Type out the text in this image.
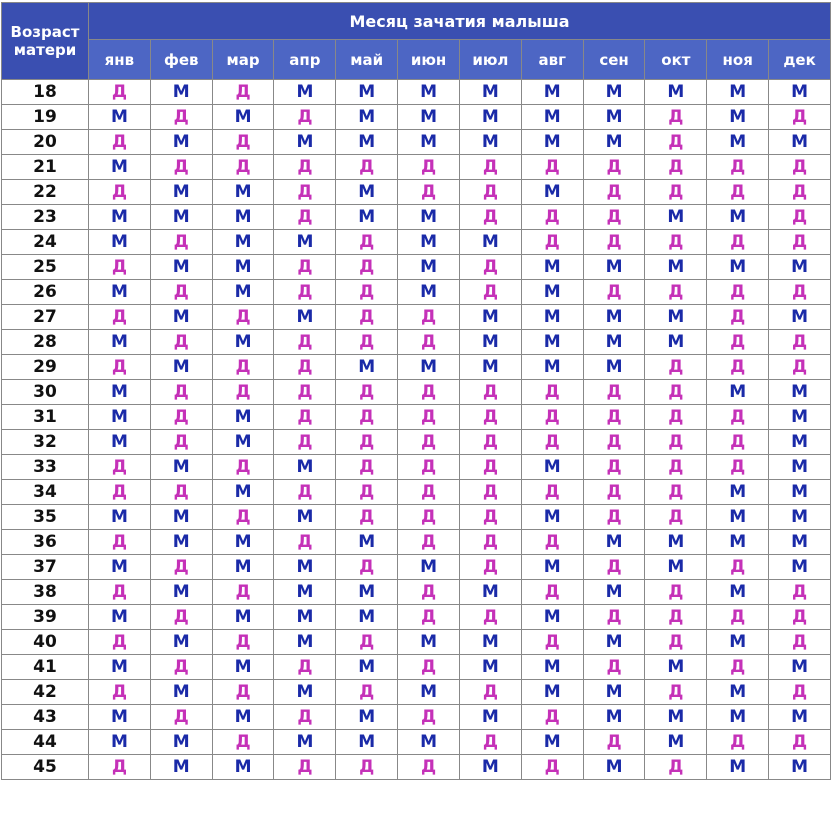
Возраст матери	Месяц зачатия малыша											
	янв	фев	мар	апр	май	июн	июл	авг	сен	окт	ноя	дек
18	Д	М	Д	М	М	М	М	М	М	М	М	М
19	М	Д	М	Д	М	М	М	М	М	Д	М	Д
20	Д	М	Д	М	М	М	М	М	М	Д	М	М
21	М	Д	Д	Д	Д	Д	Д	Д	Д	Д	Д	Д
22	Д	М	М	Д	М	Д	Д	М	Д	Д	Д	Д
23	М	М	М	Д	М	М	Д	Д	Д	М	М	Д
24	М	Д	М	М	Д	М	М	Д	Д	Д	Д	Д
25	Д	М	М	Д	Д	М	Д	М	М	М	М	М
26	М	Д	М	Д	Д	М	Д	М	Д	Д	Д	Д
27	Д	М	Д	М	Д	Д	М	М	М	М	Д	М
28	М	Д	М	Д	Д	Д	М	М	М	М	Д	Д
29	Д	М	Д	Д	М	М	М	М	М	Д	Д	Д
30	М	Д	Д	Д	Д	Д	Д	Д	Д	Д	М	М
31	М	Д	М	Д	Д	Д	Д	Д	Д	Д	Д	М
32	М	Д	М	Д	Д	Д	Д	Д	Д	Д	Д	М
33	Д	М	Д	М	Д	Д	Д	М	Д	Д	Д	М
34	Д	Д	М	Д	Д	Д	Д	Д	Д	Д	М	М
35	М	М	Д	М	Д	Д	Д	М	Д	Д	М	М
36	Д	М	М	Д	М	Д	Д	Д	М	М	М	М
37	М	Д	М	М	Д	М	Д	М	Д	М	Д	М
38	Д	М	Д	М	М	Д	М	Д	М	Д	М	Д
39	М	Д	М	М	М	Д	Д	М	Д	Д	Д	Д
40	Д	М	Д	М	Д	М	М	Д	М	Д	М	Д
41	М	Д	М	Д	М	Д	М	М	Д	М	Д	М
42	Д	М	Д	М	Д	М	Д	М	М	Д	М	Д
43	М	Д	М	Д	М	Д	М	Д	М	М	М	М
44	М	М	Д	М	М	М	Д	М	Д	М	Д	Д
45	Д	М	М	Д	Д	Д	М	Д	М	Д	М	М
